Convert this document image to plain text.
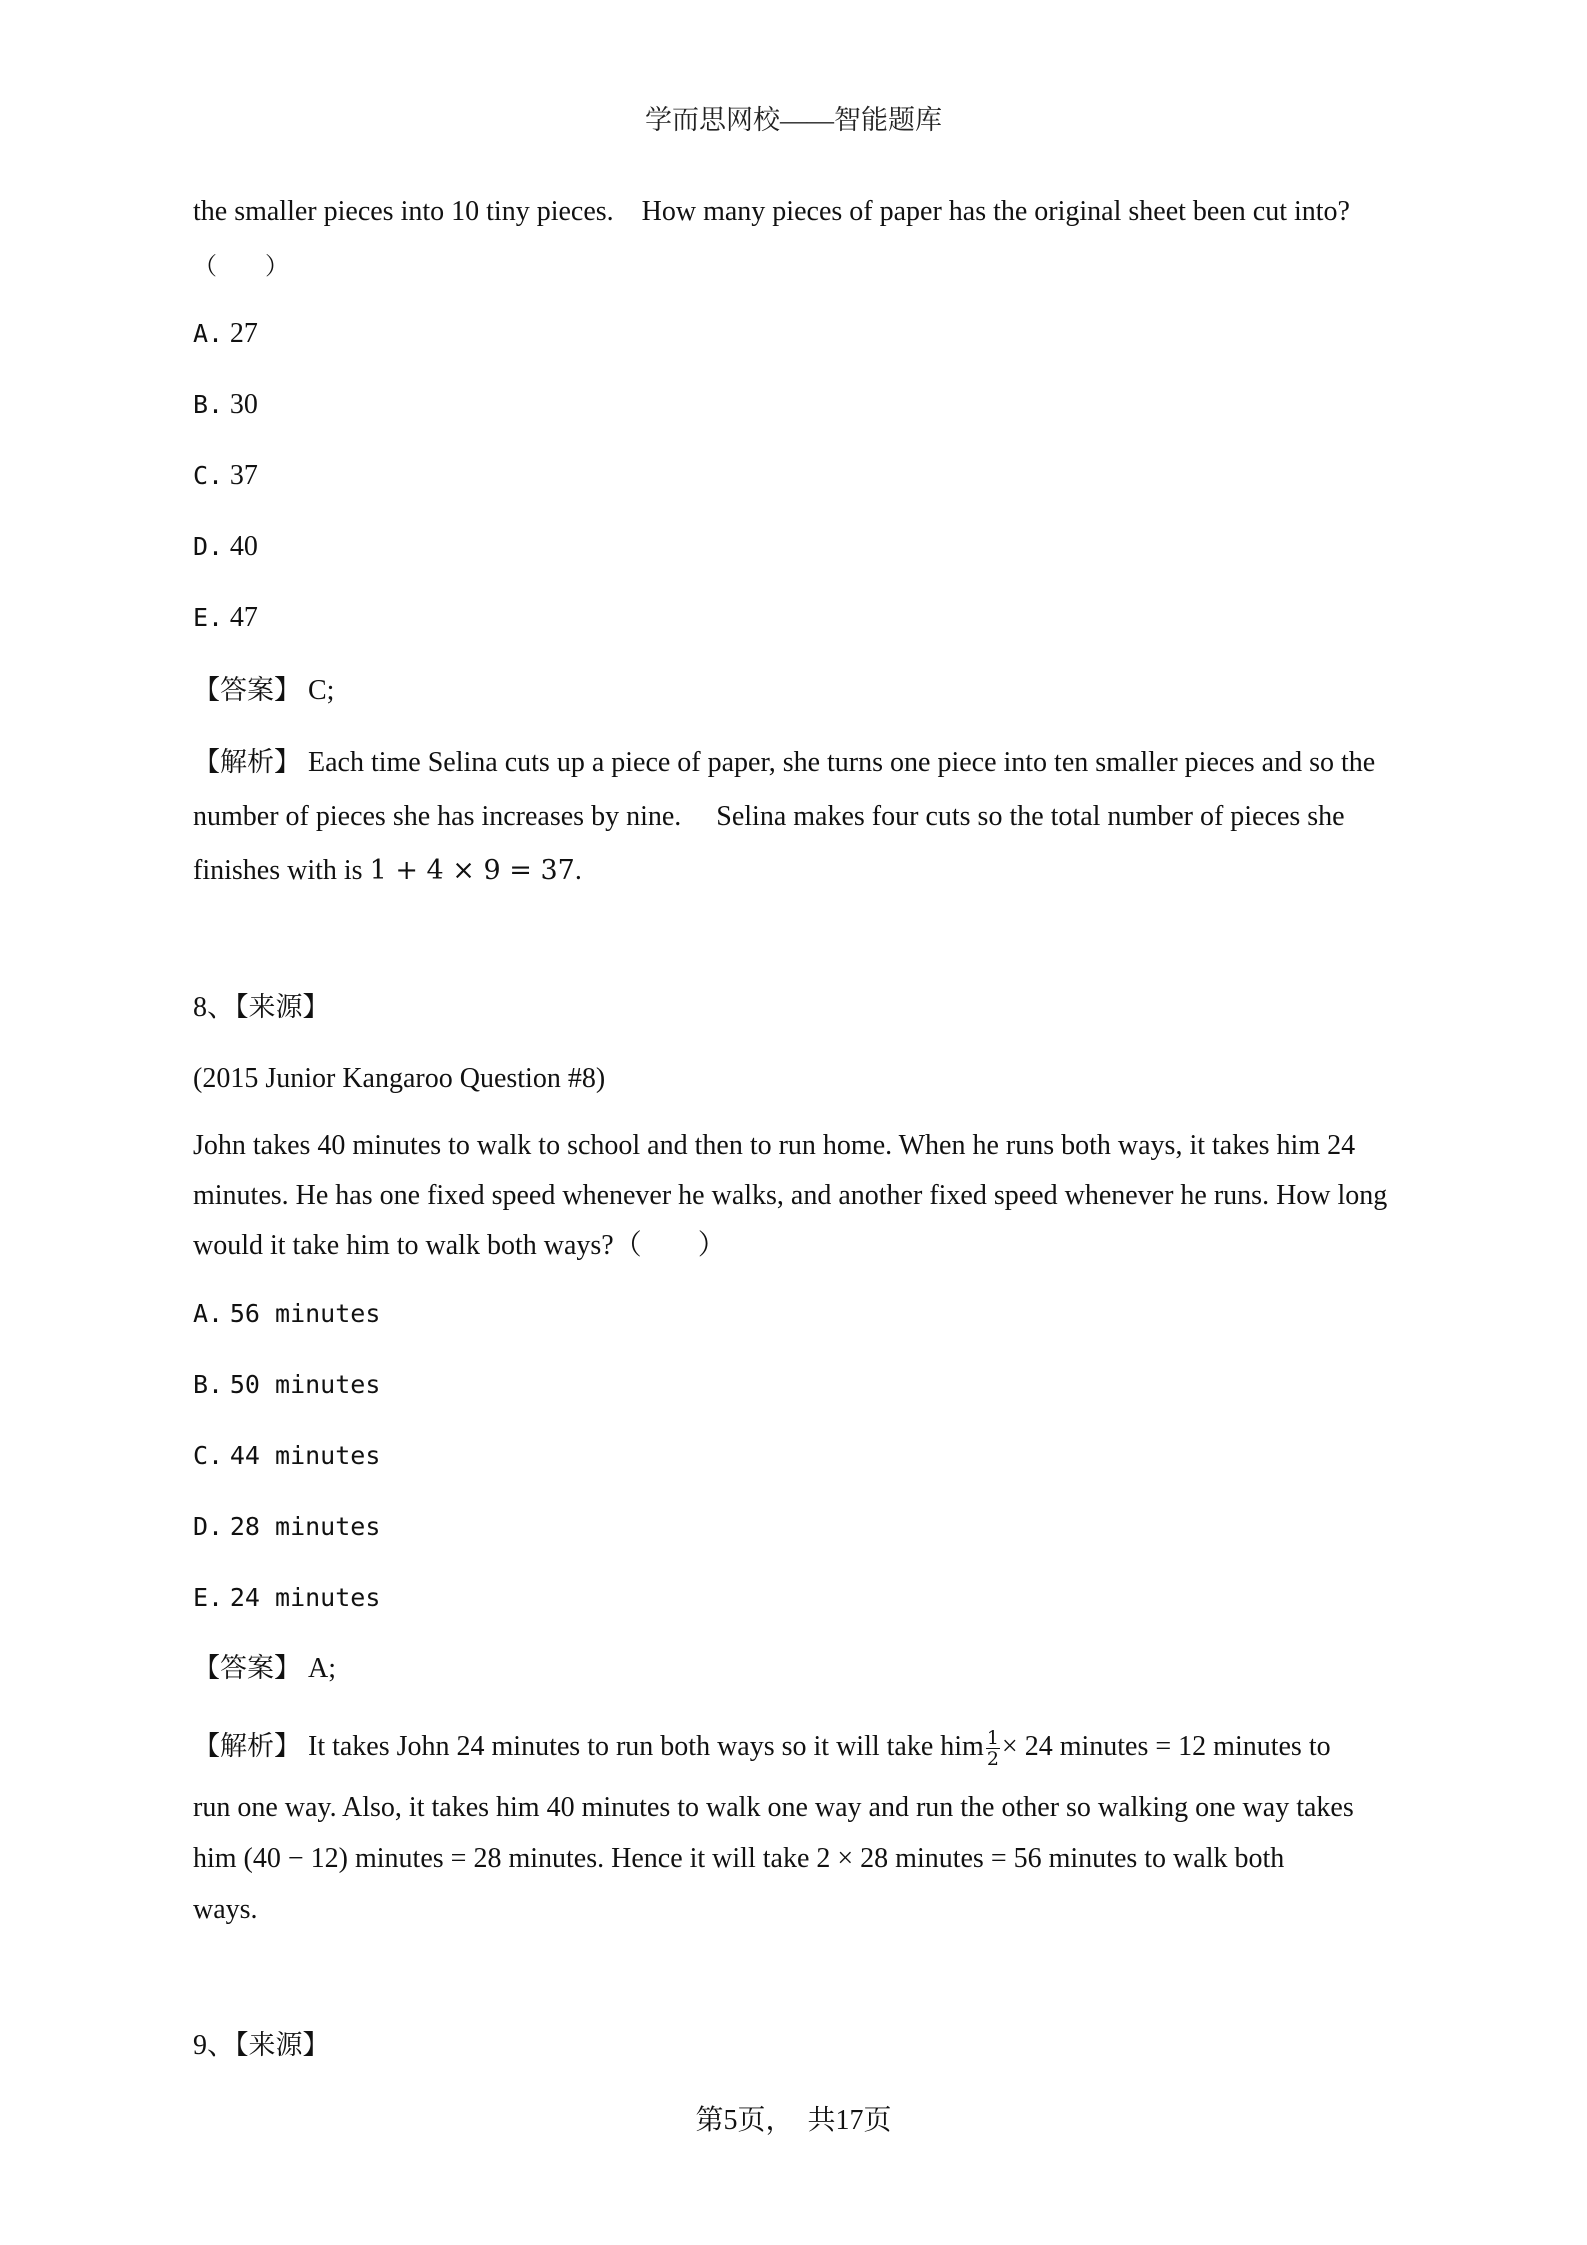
学而思网校——智能题库
the smaller pieces into 10 tiny pieces.　How many pieces of paper has the original sheet been cut into?
（　　）
A. 27
B. 30
C. 37
D. 40
E. 47
【答案】 C;
【解析】 Each time Selina cuts up a piece of paper, she turns one piece into ten smaller pieces and so the
number of pieces she has increases by nine.　 Selina makes four cuts so the total number of pieces she
finishes with is 1 + 4 × 9 = 37.
8、【来源】
(2015 Junior Kangaroo Question #8)
John takes 40 minutes to walk to school and then to run home. When he runs both ways, it takes him 24
minutes. He has one fixed speed whenever he walks, and another fixed speed whenever he runs. How long
would it take him to walk both ways?（　　）
A. 56 minutes
B. 50 minutes
C. 44 minutes
D. 28 minutes
E. 24 minutes
【答案】 A;
【解析】 It takes John 24 minutes to run both ways so it will take him $\frac{1}{2} \times 24$ minutes = 12 minutes to
run one way. Also, it takes him 40 minutes to walk one way and run the other so walking one way takes
him (40 − 12) minutes = 28 minutes. Hence it will take 2 × 28 minutes = 56 minutes to walk both
ways.
9、【来源】
第5页，　共17页
